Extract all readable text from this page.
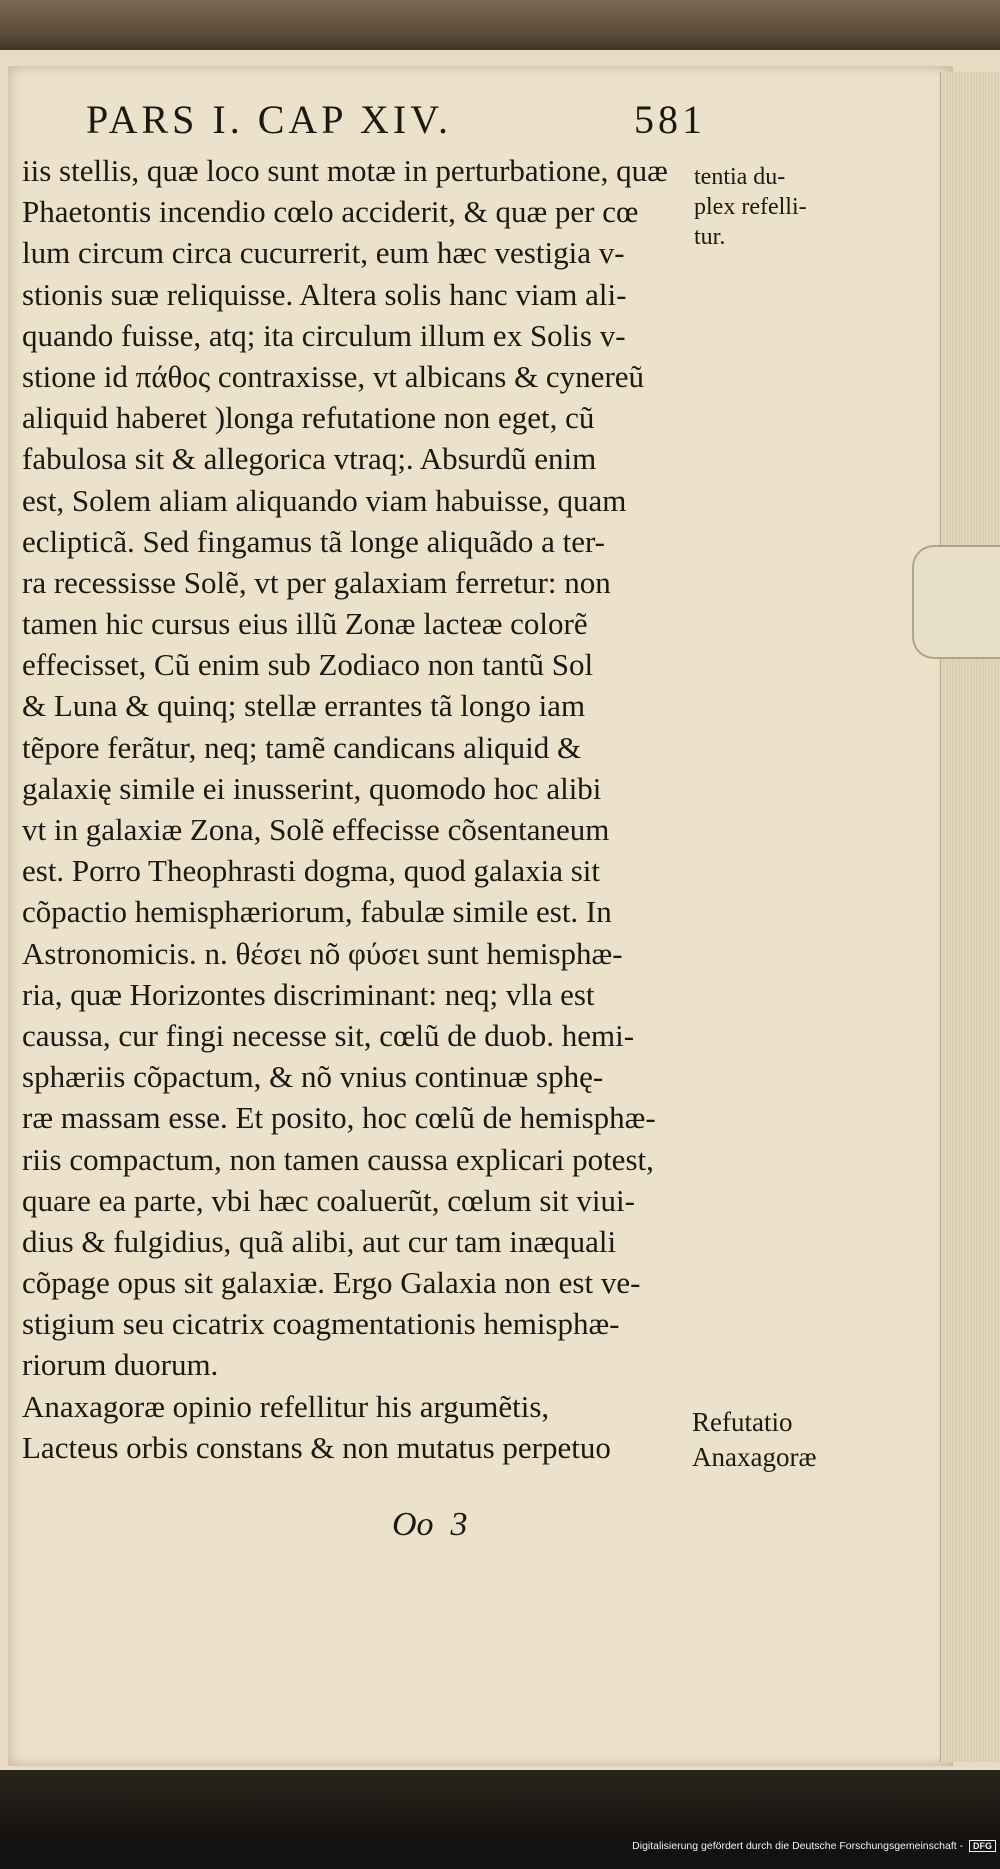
PARS I. CAP XIV.	581
iis stellis, quæ loco sunt motæ in perturbatione, quæ
Phaetontis incendio cœlo acciderit, & quæ per cœ
lum circum circa cucurrerit, eum hæc vestigia v-
stionis suæ reliquisse. Altera solis hanc viam ali-
quando fuisse, atq; ita circulum illum ex Solis v-
stione id πάθος contraxisse, vt albicans & cynereũ
aliquid haberet )longa refutatione non eget, cũ
fabulosa sit & allegorica vtraq;. Absurdũ enim
est, Solem aliam aliquando viam habuisse, quam
eclipticã. Sed fingamus tã longe aliquãdo a ter-
ra recessisse Solẽ, vt per galaxiam ferretur: non
tamen hic cursus eius illũ Zonæ lacteæ colorẽ
effecisset, Cũ enim sub Zodiaco non tantũ Sol
& Luna & quinq; stellæ errantes tã longo iam
tẽpore ferãtur, neq; tamẽ candicans aliquid &
galaxię simile ei inusserint, quomodo hoc alibi
vt in galaxiæ Zona, Solẽ effecisse cõsentaneum
est. Porro Theophrasti dogma, quod galaxia sit
cõpactio hemisphæriorum, fabulæ simile est. In
Astronomicis. n. θέσει nõ φύσει sunt hemisphæ-
ria, quæ Horizontes discriminant: neq; vlla est
caussa, cur fingi necesse sit, cœlũ de duob. hemi-
sphæriis cõpactum, & nõ vnius continuæ sphę-
ræ massam esse. Et posito, hoc cœlũ de hemisphæ-
riis compactum, non tamen caussa explicari potest,
quare ea parte, vbi hæc coaluerũt, cœlum sit viui-
dius & fulgidius, quã alibi, aut cur tam inæquali
cõpage opus sit galaxiæ. Ergo Galaxia non est ve-
stigium seu cicatrix coagmentationis hemisphæ-
riorum duorum.
Anaxagoræ opinio refellitur his argumẽtis,
Lacteus orbis constans & non mutatus perpetuo
tentia du-
plex refelli-
tur.
Refutatio
Anaxagoræ
Oo  3
Digitalisierung gefördert durch die Deutsche Forschungsgemeinschaft - DFG
